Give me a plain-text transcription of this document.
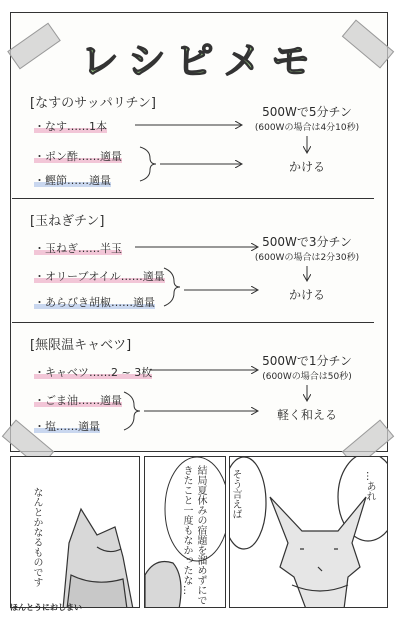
レシピメモ
[なすのサッパリチン]
・なす……1本
・ポン酢……適量
・鰹節……適量
500Wで5分チン
(600Wの場合は4分10秒)
かける
[玉ねぎチン]
・玉ねぎ……半玉
・オリーブオイル……適量
・あらびき胡椒……適量
500Wで3分チン
(600Wの場合は2分30秒)
かける
[無限温キャベツ]
・キャベツ……2 ~ 3枚
・ごま油……適量
・塩……適量
500Wで1分チン
(600Wの場合は50秒)
軽く和える
なんとかなるものです	結局夏休みの宿題を溜めずにできたこと一度もなかったな…	そう言えば	…あれ
ほんとうにおしまい
